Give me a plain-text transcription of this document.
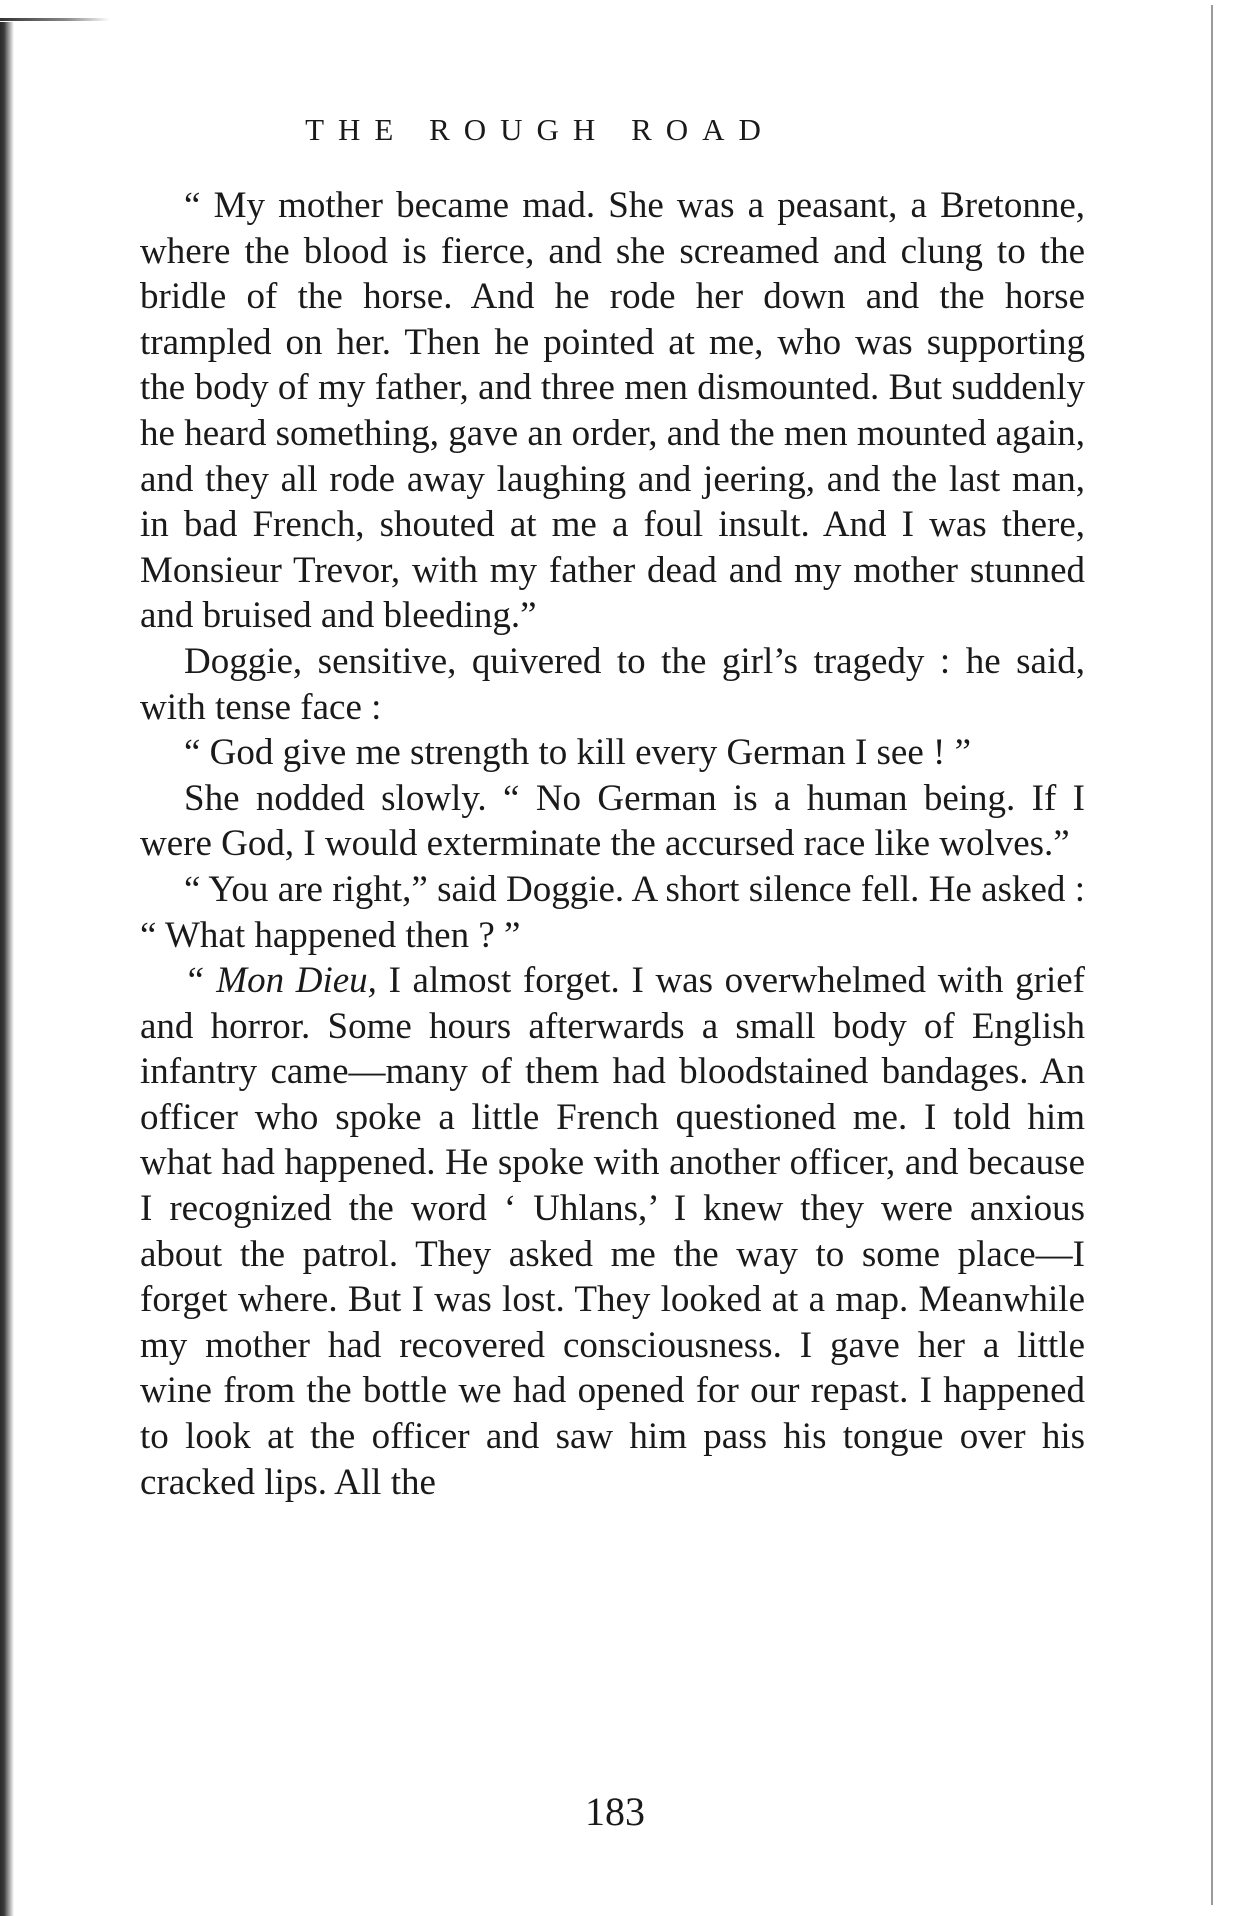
THE ROUGH ROAD

“ My mother became mad. She was a peasant, a Bretonne, where the blood is fierce, and she screamed and clung to the bridle of the horse. And he rode her down and the horse trampled on her. Then he pointed at me, who was supporting the body of my father, and three men dismounted. But suddenly he heard something, gave an order, and the men mounted again, and they all rode away laughing and jeering, and the last man, in bad French, shouted at me a foul insult. And I was there, Monsieur Trevor, with my father dead and my mother stunned and bruised and bleeding.”

Doggie, sensitive, quivered to the girl’s tragedy : he said, with tense face :

“ God give me strength to kill every German I see ! ”

She nodded slowly. “ No German is a human being. If I were God, I would exterminate the accursed race like wolves.”

“ You are right,” said Doggie. A short silence fell. He asked : “ What happened then ? ”

“ Mon Dieu, I almost forget. I was overwhelmed with grief and horror. Some hours afterwards a small body of English infantry came—many of them had bloodstained bandages. An officer who spoke a little French questioned me. I told him what had happened. He spoke with another officer, and because I recognized the word ‘ Uhlans,’ I knew they were anxious about the patrol. They asked me the way to some place—I forget where. But I was lost. They looked at a map. Meanwhile my mother had recovered consciousness. I gave her a little wine from the bottle we had opened for our repast. I happened to look at the officer and saw him pass his tongue over his cracked lips. All the

183
